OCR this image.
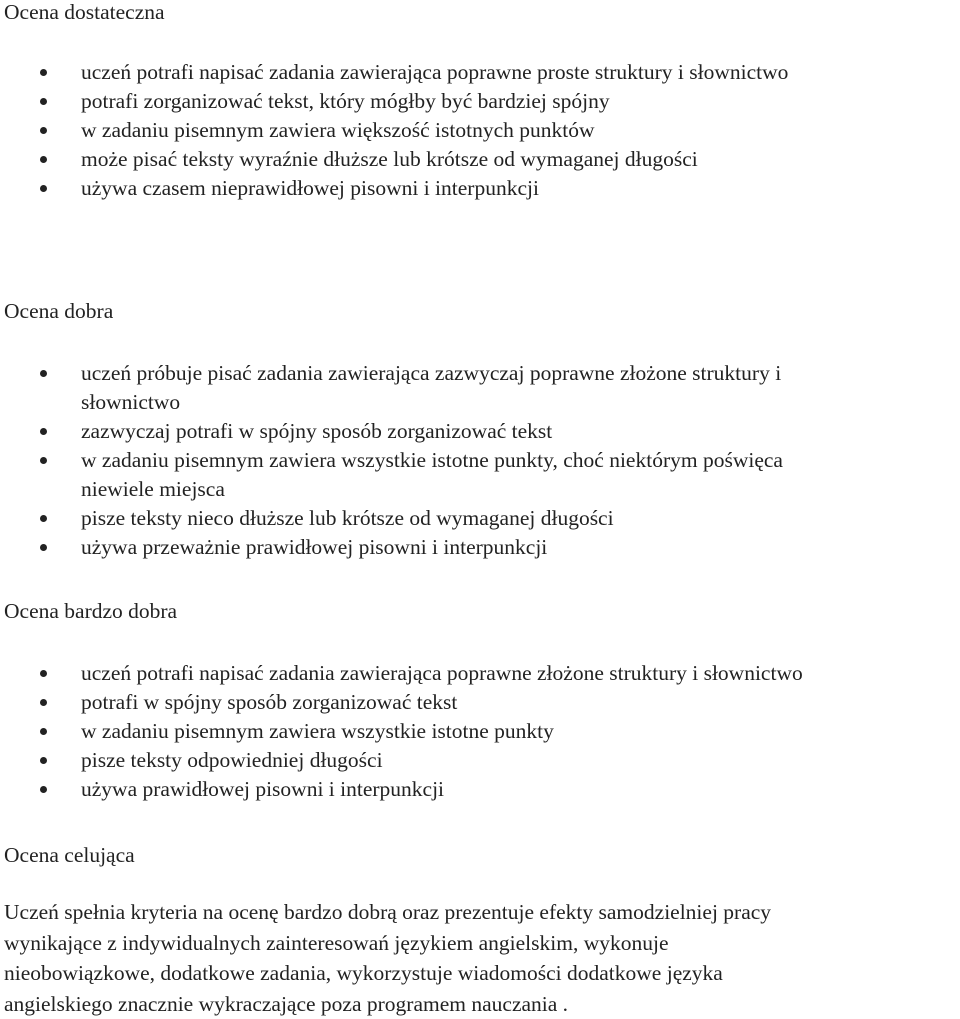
Ocena dostateczna
uczeń potrafi napisać zadania zawierająca poprawne proste struktury i słownictwo
potrafi zorganizować tekst, który mógłby być bardziej spójny
w zadaniu pisemnym zawiera większość istotnych punktów
może pisać teksty wyraźnie dłuższe lub krótsze od wymaganej długości
używa czasem nieprawidłowej pisowni i interpunkcji
Ocena dobra
uczeń próbuje pisać zadania zawierająca zazwyczaj poprawne złożone struktury i
słownictwo
zazwyczaj potrafi w spójny sposób zorganizować tekst
w zadaniu pisemnym zawiera wszystkie istotne punkty, choć niektórym poświęca
niewiele miejsca
pisze teksty nieco dłuższe lub krótsze od wymaganej długości
używa przeważnie prawidłowej pisowni i interpunkcji
Ocena bardzo dobra
uczeń potrafi napisać zadania zawierająca poprawne złożone struktury i słownictwo
potrafi w spójny sposób zorganizować tekst
w zadaniu pisemnym zawiera wszystkie istotne punkty
pisze teksty odpowiedniej długości
używa prawidłowej pisowni i interpunkcji
Ocena celująca

Uczeń spełnia kryteria na ocenę bardzo dobrą oraz prezentuje efekty samodzielniej pracy
wynikające z indywidualnych zainteresowań językiem angielskim, wykonuje
nieobowiązkowe, dodatkowe zadania, wykorzystuje wiadomości dodatkowe języka
angielskiego znacznie wykraczające poza programem nauczania .
